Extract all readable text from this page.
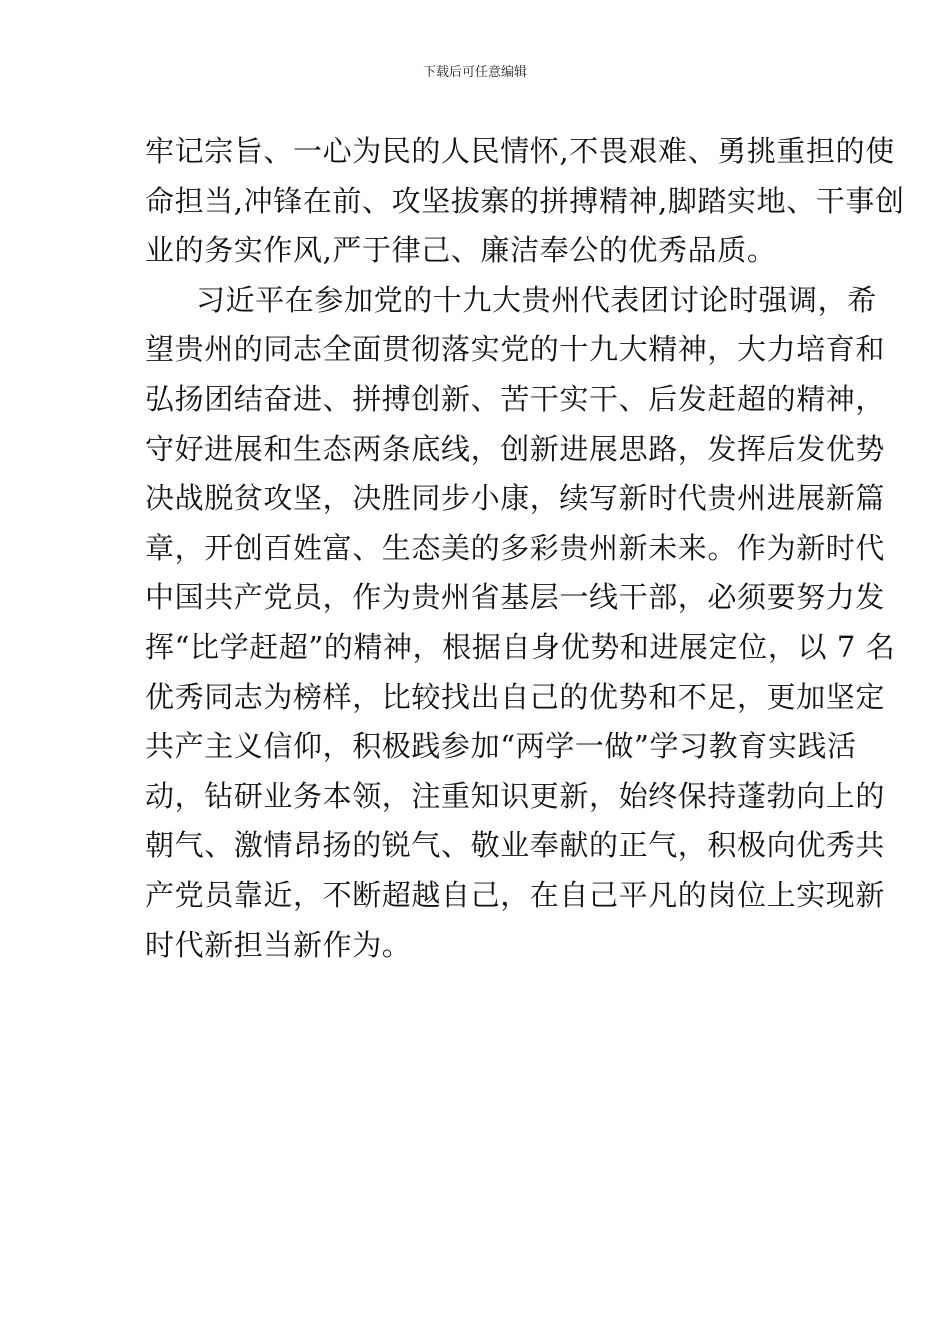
下载后可任意编辑
牢记宗旨、一心为民的人民情怀,不畏艰难、勇挑重担的使
命担当,冲锋在前、攻坚拔寨的拼搏精神,脚踏实地、干事创
业的务实作风,严于律己、廉洁奉公的优秀品质。
习近平在参加党的十九大贵州代表团讨论时强调，希
望贵州的同志全面贯彻落实党的十九大精神，大力培育和
弘扬团结奋进、拼搏创新、苦干实干、后发赶超的精神，
守好进展和生态两条底线，创新进展思路，发挥后发优势
决战脱贫攻坚，决胜同步小康，续写新时代贵州进展新篇
章，开创百姓富、生态美的多彩贵州新未来。作为新时代
中国共产党员，作为贵州省基层一线干部，必须要努力发
挥“比学赶超”的精神，根据自身优势和进展定位，以 7 名
优秀同志为榜样，比较找出自己的优势和不足，更加坚定
共产主义信仰，积极践参加“两学一做”学习教育实践活
动，钻研业务本领，注重知识更新，始终保持蓬勃向上的
朝气、激情昂扬的锐气、敬业奉献的正气，积极向优秀共
产党员靠近，不断超越自己，在自己平凡的岗位上实现新
时代新担当新作为。
